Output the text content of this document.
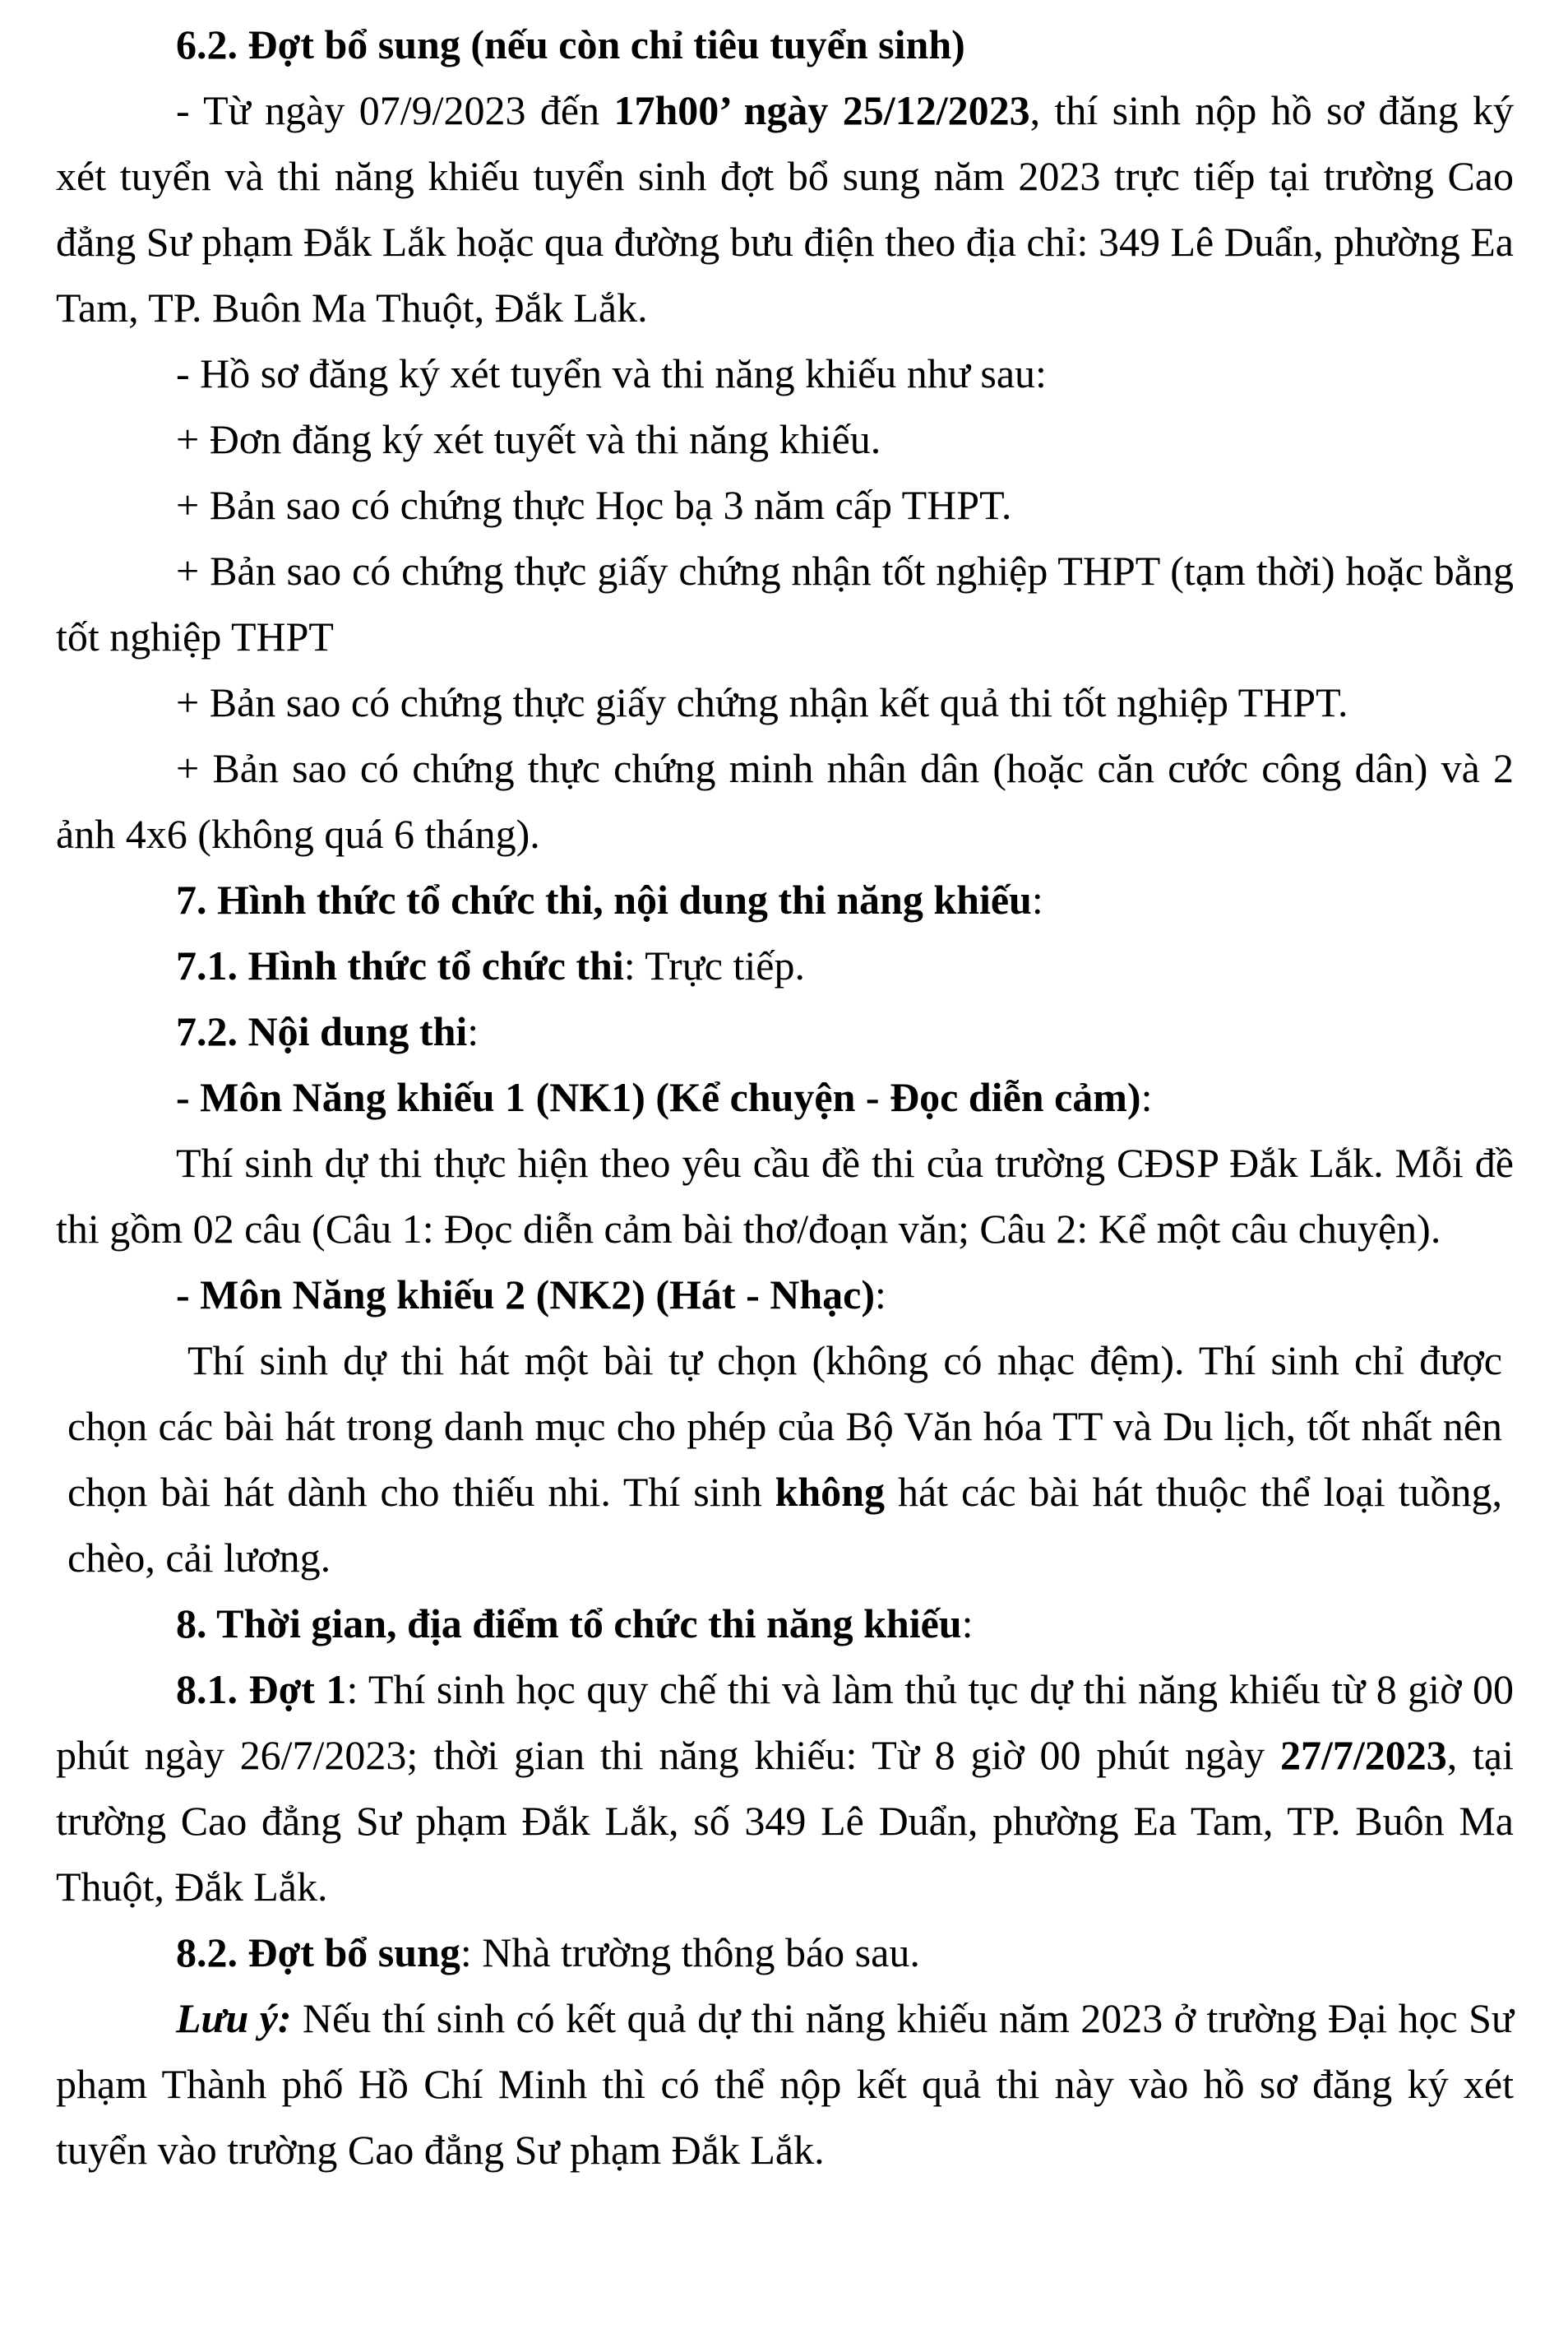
6.2. Đợt bổ sung (nếu còn chỉ tiêu tuyển sinh)

- Từ ngày 07/9/2023 đến 17h00’ ngày 25/12/2023, thí sinh nộp hồ sơ đăng ký xét tuyển và thi năng khiếu tuyển sinh đợt bổ sung năm 2023 trực tiếp tại trường Cao đẳng Sư phạm Đắk Lắk hoặc qua đường bưu điện theo địa chỉ: 349 Lê Duẩn, phường Ea Tam, TP. Buôn Ma Thuột, Đắk Lắk.

- Hồ sơ đăng ký xét tuyển và thi năng khiếu như sau:

+ Đơn đăng ký xét tuyết và thi năng khiếu.

+ Bản sao có chứng thực Học bạ 3 năm cấp THPT.

+ Bản sao có chứng thực giấy chứng nhận tốt nghiệp THPT (tạm thời) hoặc bằng tốt nghiệp THPT

+ Bản sao có chứng thực giấy chứng nhận kết quả thi tốt nghiệp THPT.

+ Bản sao có chứng thực chứng minh nhân dân (hoặc căn cước công dân) và 2 ảnh 4x6 (không quá 6 tháng).

7. Hình thức tổ chức thi, nội dung thi năng khiếu:

7.1. Hình thức tổ chức thi: Trực tiếp.

7.2. Nội dung thi:

- Môn Năng khiếu 1 (NK1) (Kể chuyện - Đọc diễn cảm):

Thí sinh dự thi thực hiện theo yêu cầu đề thi của trường CĐSP Đắk Lắk. Mỗi đề thi gồm 02 câu (Câu 1: Đọc diễn cảm bài thơ/đoạn văn; Câu 2: Kể một câu chuyện).

- Môn Năng khiếu 2 (NK2) (Hát - Nhạc):

Thí sinh dự thi hát một bài tự chọn (không có nhạc đệm). Thí sinh chỉ được chọn các bài hát trong danh mục cho phép của Bộ Văn hóa TT và Du lịch, tốt nhất nên chọn bài hát dành cho thiếu nhi. Thí sinh không hát các bài hát thuộc thể loại tuồng, chèo, cải lương.

8. Thời gian, địa điểm tổ chức thi năng khiếu:

8.1. Đợt 1: Thí sinh học quy chế thi và làm thủ tục dự thi năng khiếu từ 8 giờ 00 phút ngày 26/7/2023; thời gian thi năng khiếu: Từ 8 giờ 00 phút ngày 27/7/2023, tại trường Cao đẳng Sư phạm Đắk Lắk, số 349 Lê Duẩn, phường Ea Tam, TP. Buôn Ma Thuột, Đắk Lắk.

8.2. Đợt bổ sung: Nhà trường thông báo sau.

Lưu ý: Nếu thí sinh có kết quả dự thi năng khiếu năm 2023 ở trường Đại học Sư phạm Thành phố Hồ Chí Minh thì có thể nộp kết quả thi này vào hồ sơ đăng ký xét tuyển vào trường Cao đẳng Sư phạm Đắk Lắk.
